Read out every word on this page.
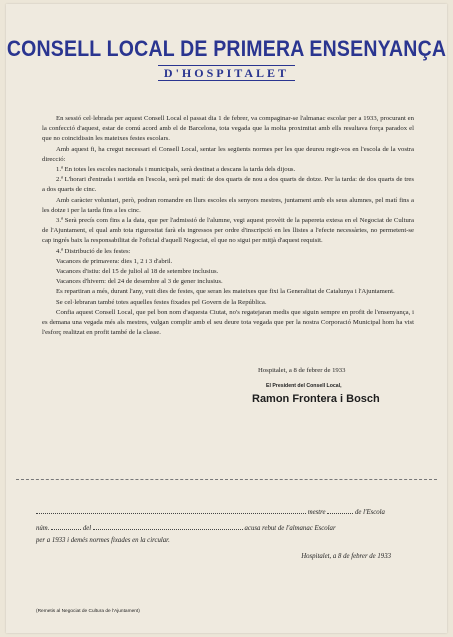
CONSELL LOCAL DE PRIMERA ENSENYANÇA
D'HOSPITALET

En sessió cel·lebrada per aquest Consell Local el passat dia 1 de febrer, va compaginar-se l'almanac escolar per a 1933, procurant en la confecció d'aquest, estar de comú acord amb el de Barcelona, tota vegada que la molta proximitat amb ells resultava força paradox el que no coincidissin les mateixes festes escolars.

Amb aquest fi, ha cregut necessari el Consell Local, sentar les següents normes per les que deureu regir-vos en l'escola de la vostra direcció:

1.ª En totes les escoles nacionals i municipals, serà destinat a descans la tarda dels dijous.

2.ª L'horari d'entrada i sortida en l'escola, serà pel matí: de dos quarts de nou a dos quarts de dotze. Per la tarda: de dos quarts de tres a dos quarts de cinc.

Amb caràcter voluntari, però, podran romandre en llurs escoles els senyors mestres, juntament amb els seus alumnes, pel matí fins a les dotze i per la tarda fins a les cinc.

3.ª Serà precís com fins a la data, que per l'admissió de l'alumne, vegi aquest provèit de la papereta extesa en el Negociat de Cultura de l'Ajuntament, el qual amb tota rigurositat farà els ingressos per ordre d'inscripció en les llistes a l'efecte necessàries, no permetent-se cap ingrés baix la responsabilitat de l'oficial d'aquell Negociat, el que no sigui per mitjà d'aquest requisit.

4.ª Distribució de les festes:

Vacances de primavera: dies 1, 2 i 3 d'abril.

Vacances d'istiu: del 15 de juliol al 18 de setembre inclusius.

Vacances d'hivern: del 24 de desembre al 3 de gener inclusius.

Es repartiran a més, durant l'any, vuit dies de festes, que seran les mateixes que fixi la Generalitat de Catalunya i l'Ajuntament.

Se cel·lebraran també totes aquelles festes fixades pel Govern de la República.

Confia aquest Consell Local, que pel bon nom d'aquesta Ciutat, no's regatejaran medis que siguin sempre en profit de l'ensenyança, i es demana una vegada més als mestres, vulgan complir amb el seu deure tota vegada que per la nostra Corporació Municipal hom ha vist l'esforç realitzat en profit també de la classe.

Hospitalet, a 8 de febrer de 1933
El President del Consell Local,
Ramon Frontera i Bosch
mestre	de l'Escola
núm.	del	acusa rebut de l'almanac Escolar
per a 1933 i demés normes fixades en la circular.
Hospitalet, a 8 de febrer de 1933
(Remetis al Negociat de Cultura de l'Ajuntament)
